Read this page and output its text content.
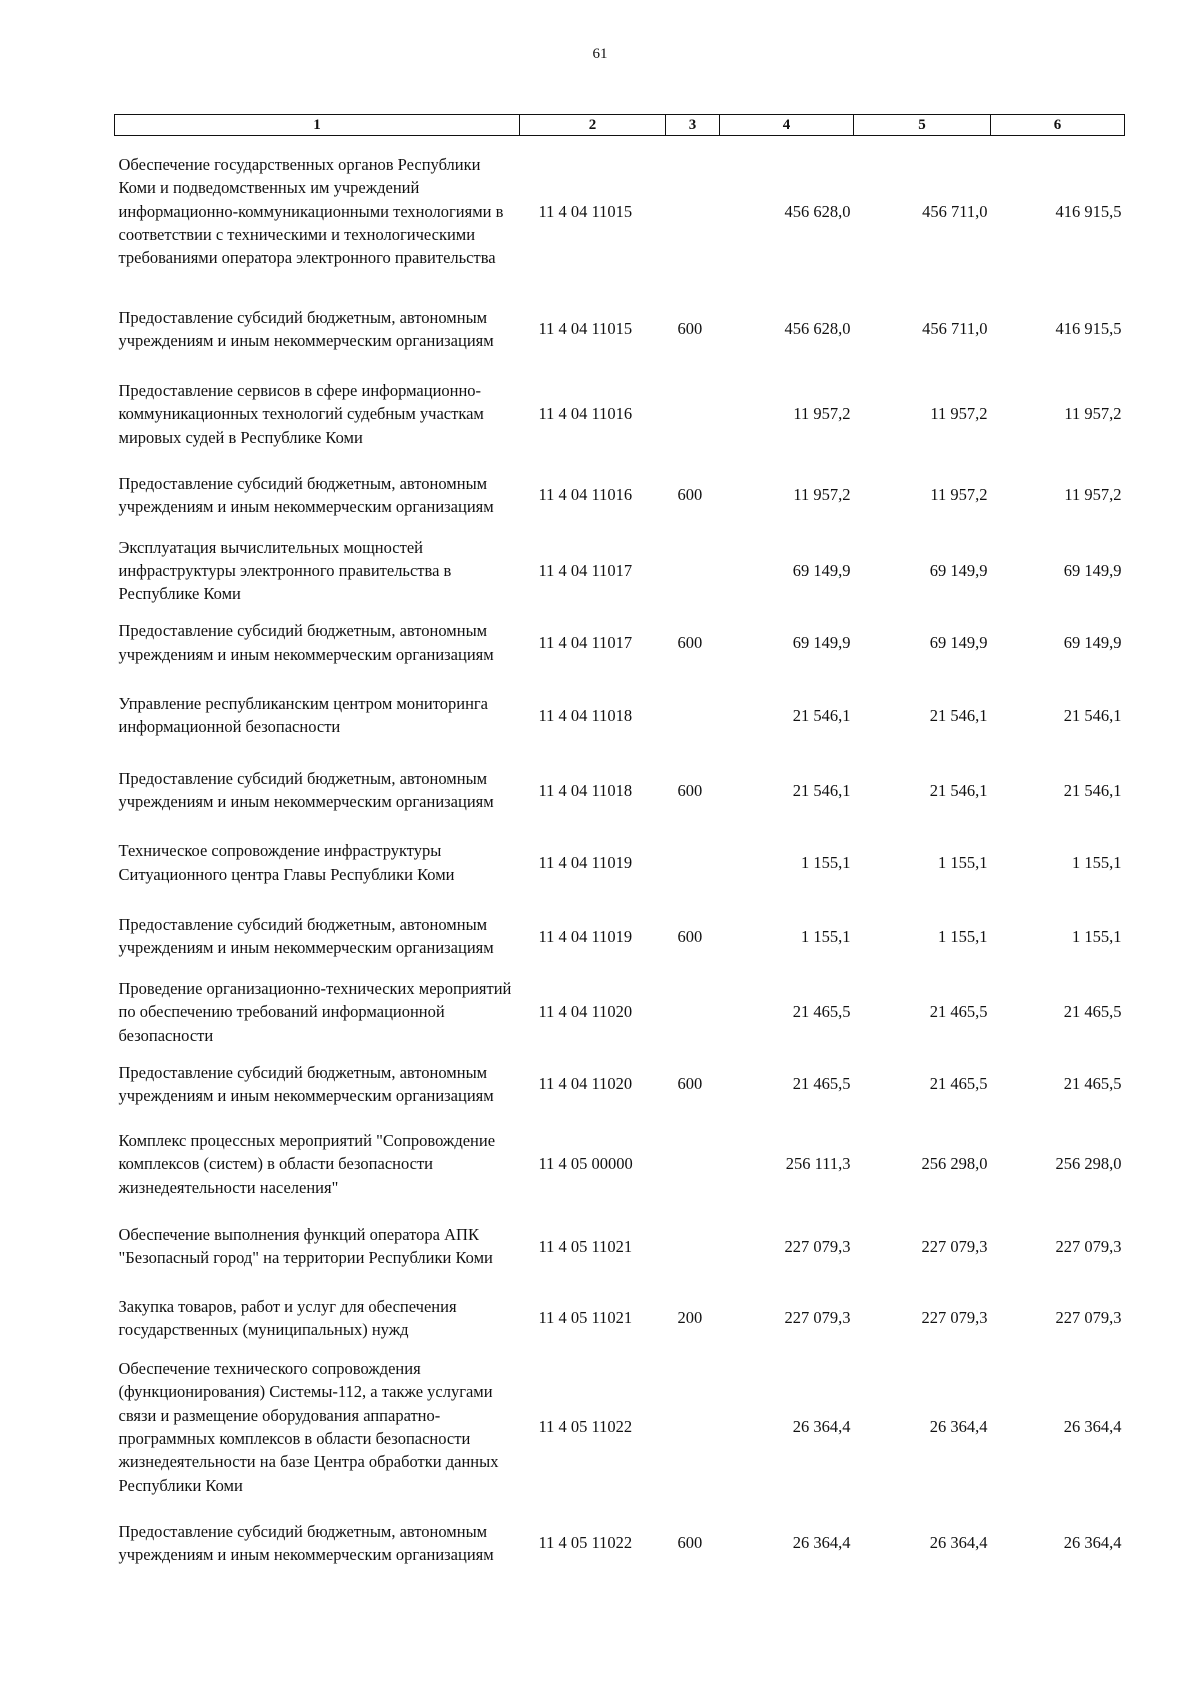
61
1	2	3	4	5	6
Обеспечение государственных органов Республики Коми и подведомственных им учреждений информационно-коммуникационными технологиями в соответствии с техническими и технологическими требованиями оператора электронного правительства	11 4 04 11015		456 628,0	456 711,0	416 915,5
Предоставление субсидий бюджетным, автономным учреждениям и иным некоммерческим организациям	11 4 04 11015	600	456 628,0	456 711,0	416 915,5
Предоставление сервисов в сфере информационно-коммуникационных технологий судебным участкам мировых судей в Республике Коми	11 4 04 11016		11 957,2	11 957,2	11 957,2
Предоставление субсидий бюджетным, автономным учреждениям и иным некоммерческим организациям	11 4 04 11016	600	11 957,2	11 957,2	11 957,2
Эксплуатация вычислительных мощностей инфраструктуры электронного правительства в Республике Коми	11 4 04 11017		69 149,9	69 149,9	69 149,9
Предоставление субсидий бюджетным, автономным учреждениям и иным некоммерческим организациям	11 4 04 11017	600	69 149,9	69 149,9	69 149,9
Управление республиканским центром мониторинга информационной безопасности	11 4 04 11018		21 546,1	21 546,1	21 546,1
Предоставление субсидий бюджетным, автономным учреждениям и иным некоммерческим организациям	11 4 04 11018	600	21 546,1	21 546,1	21 546,1
Техническое сопровождение инфраструктуры Ситуационного центра Главы Республики Коми	11 4 04 11019		1 155,1	1 155,1	1 155,1
Предоставление субсидий бюджетным, автономным учреждениям и иным некоммерческим организациям	11 4 04 11019	600	1 155,1	1 155,1	1 155,1
Проведение организационно-технических мероприятий по обеспечению требований информационной безопасности	11 4 04 11020		21 465,5	21 465,5	21 465,5
Предоставление субсидий бюджетным, автономным учреждениям и иным некоммерческим организациям	11 4 04 11020	600	21 465,5	21 465,5	21 465,5
Комплекс процессных мероприятий "Сопровождение комплексов (систем) в области безопасности жизнедеятельности населения"	11 4 05 00000		256 111,3	256 298,0	256 298,0
Обеспечение выполнения функций оператора АПК "Безопасный город" на территории Республики Коми	11 4 05 11021		227 079,3	227 079,3	227 079,3
Закупка товаров, работ и услуг для обеспечения государственных (муниципальных) нужд	11 4 05 11021	200	227 079,3	227 079,3	227 079,3
Обеспечение технического сопровождения (функционирования) Системы-112, а также услугами связи и размещение оборудования аппаратно-программных комплексов в области безопасности жизнедеятельности на базе Центра обработки данных Республики Коми	11 4 05 11022		26 364,4	26 364,4	26 364,4
Предоставление субсидий бюджетным, автономным учреждениям и иным некоммерческим организациям	11 4 05 11022	600	26 364,4	26 364,4	26 364,4
